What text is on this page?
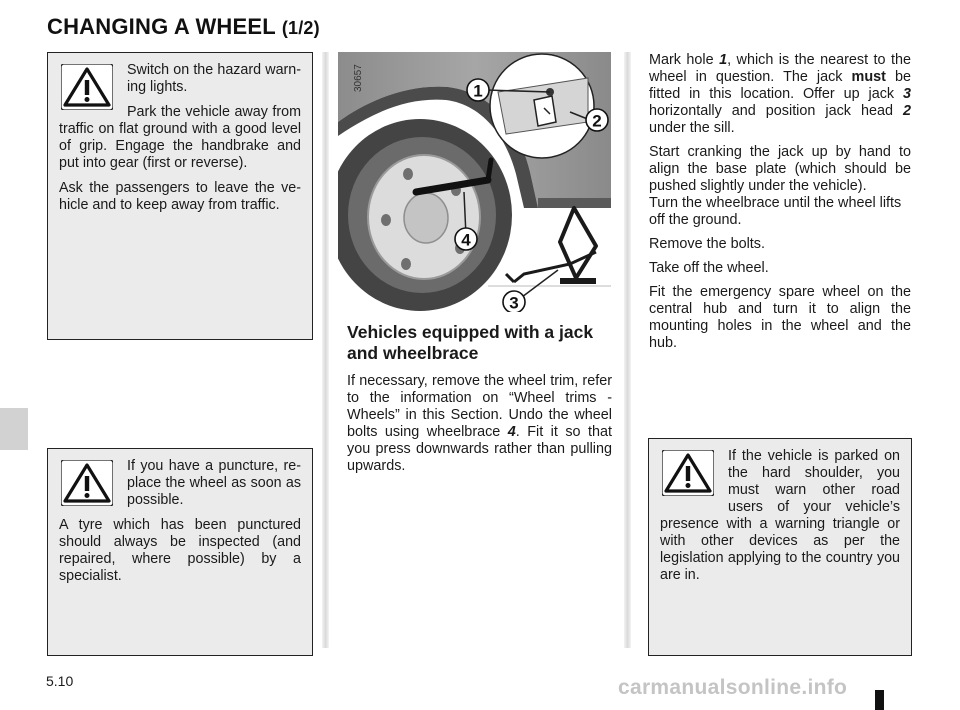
CHANGING A WHEEL (1/2)

Switch on the hazard warning lights.

Park the vehicle away from traffic on flat ground with a good level of grip. Engage the handbrake and put into gear (first or reverse).

Ask the passengers to leave the vehicle and to keep away from traffic.

If you have a puncture, replace the wheel as soon as possible.

A tyre which has been punctured should always be inspected (and repaired, where possible) by a specialist.

30657	1
2
4
3
Vehicles equipped with a jack and wheelbrace

If necessary, remove the wheel trim, refer to the information on “Wheel trims - Wheels” in this Section. Undo the wheel bolts using wheelbrace 4. Fit it so that you press downwards rather than pulling upwards.

Mark hole 1, which is the nearest to the wheel in question. The jack must be fitted in this location. Offer up jack 3 horizontally and position jack head 2 under the sill.

Start cranking the jack up by hand to align the base plate (which should be pushed slightly under the vehicle).

Turn the wheelbrace until the wheel lifts off the ground.

Remove the bolts.

Take off the wheel.

Fit the emergency spare wheel on the central hub and turn it to align the mounting holes in the wheel and the hub.

If the vehicle is parked on the hard shoulder, you must warn other road users of your vehicle’s presence with a warning triangle or with other devices as per the legislation applying to the country you are in.

5.10	carmanualsonline.info
